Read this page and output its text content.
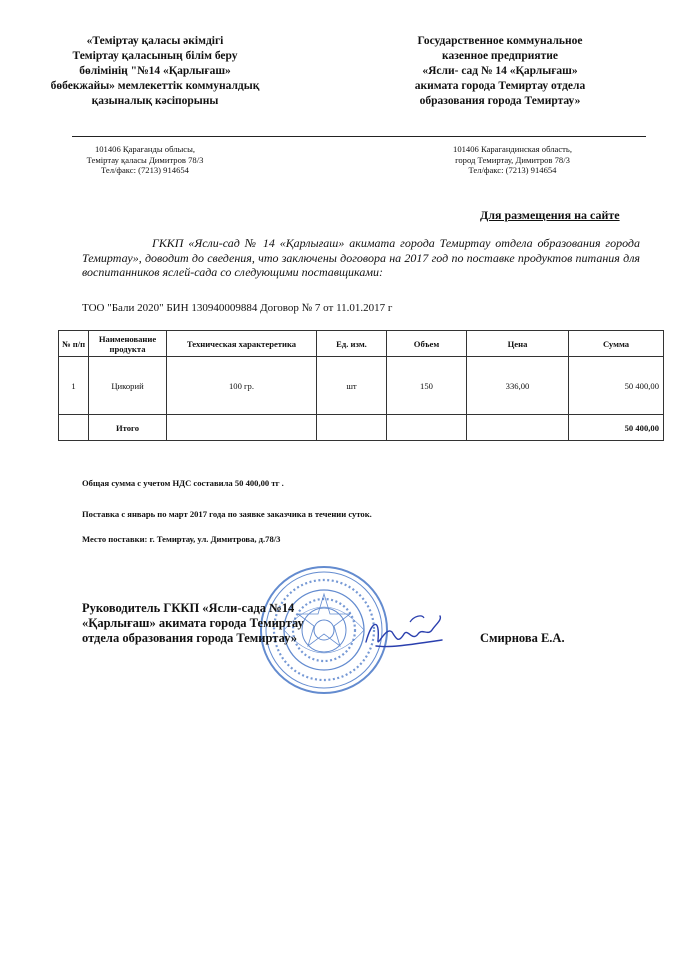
«Теміртау қаласы әкімдігі
Теміртау қаласының білім беру
бөлімінің "№14 «Қарлығаш»
бөбекжайы» мемлекеттік коммуналдық
қазыналық кәсіпорыны
Государственное коммунальное
казенное предприятие
«Ясли- сад № 14 «Қарлығаш»
акимата города Темиртау отдела
образования города Темиртау»
101406 Қарағанды облысы,
Теміртау қаласы Димитров 78/3
Тел/факс: (7213) 914654
101406 Карагандинская область,
город Темиртау, Димитров 78/3
Тел/факс: (7213) 914654
Для размещения на сайте
ГККП «Ясли-сад № 14 «Қарлығаш» акимата города Темиртау отдела образования города Темиртау», доводит до сведения, что заключены договора на 2017 год по поставке продуктов питания для воспитанников яслей-сада со следующими поставщиками:
ТОО "Бали 2020" БИН 130940009884 Договор № 7 от 11.01.2017 г
№ п/п	Наименование продукта	Техническая характеретика	Ед. изм.	Объем	Цена	Сумма
1	Цикорий	100 гр.	шт	150	336,00	50 400,00
	Итого					50 400,00
Общая сумма с учетом НДС составила 50 400,00 тг .
Поставка с январь по март 2017 года по заявке заказчика в течении суток.
Место поставки: г. Темиртау, ул. Димитрова, д.78/3
Руководитель ГККП «Ясли-сада №14
«Қарлығаш» акимата города Темиртау
отдела образования города Темиртау»	Смирнова Е.А.
